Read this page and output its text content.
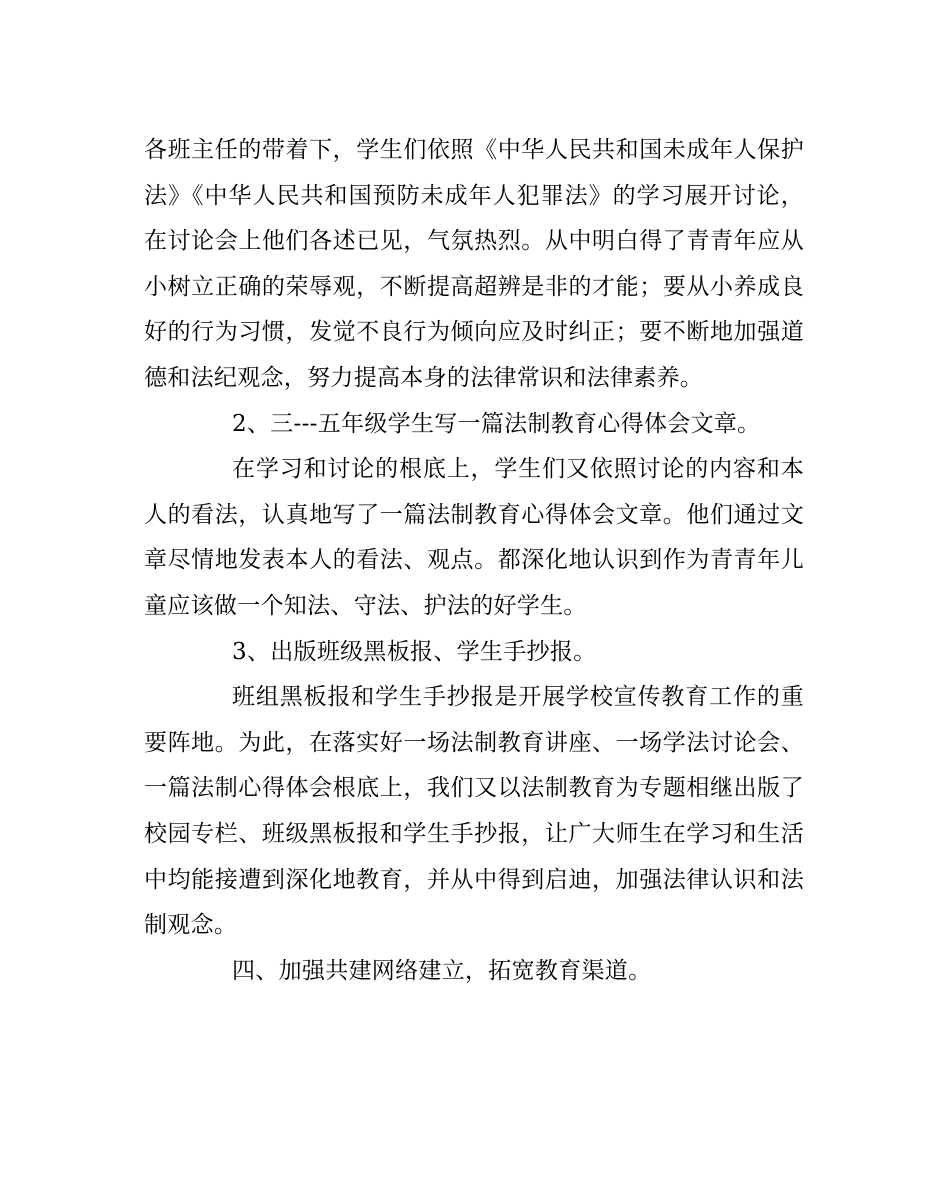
各班主任的带着下，学生们依照《中华人民共和国未成年人保护法》《中华人民共和国预防未成年人犯罪法》的学习展开讨论，在讨论会上他们各述已见，气氛热烈。从中明白得了青青年应从小树立正确的荣辱观，不断提高超辨是非的才能；要从小养成良好的行为习惯，发觉不良行为倾向应及时纠正；要不断地加强道德和法纪观念，努力提高本身的法律常识和法律素养。

2、三---五年级学生写一篇法制教育心得体会文章。

在学习和讨论的根底上，学生们又依照讨论的内容和本人的看法，认真地写了一篇法制教育心得体会文章。他们通过文章尽情地发表本人的看法、观点。都深化地认识到作为青青年儿童应该做一个知法、守法、护法的好学生。

3、出版班级黑板报、学生手抄报。

班组黑板报和学生手抄报是开展学校宣传教育工作的重要阵地。为此，在落实好一场法制教育讲座、一场学法讨论会、一篇法制心得体会根底上，我们又以法制教育为专题相继出版了校园专栏、班级黑板报和学生手抄报，让广大师生在学习和生活中均能接遭到深化地教育，并从中得到启迪，加强法律认识和法制观念。

四、加强共建网络建立，拓宽教育渠道。
